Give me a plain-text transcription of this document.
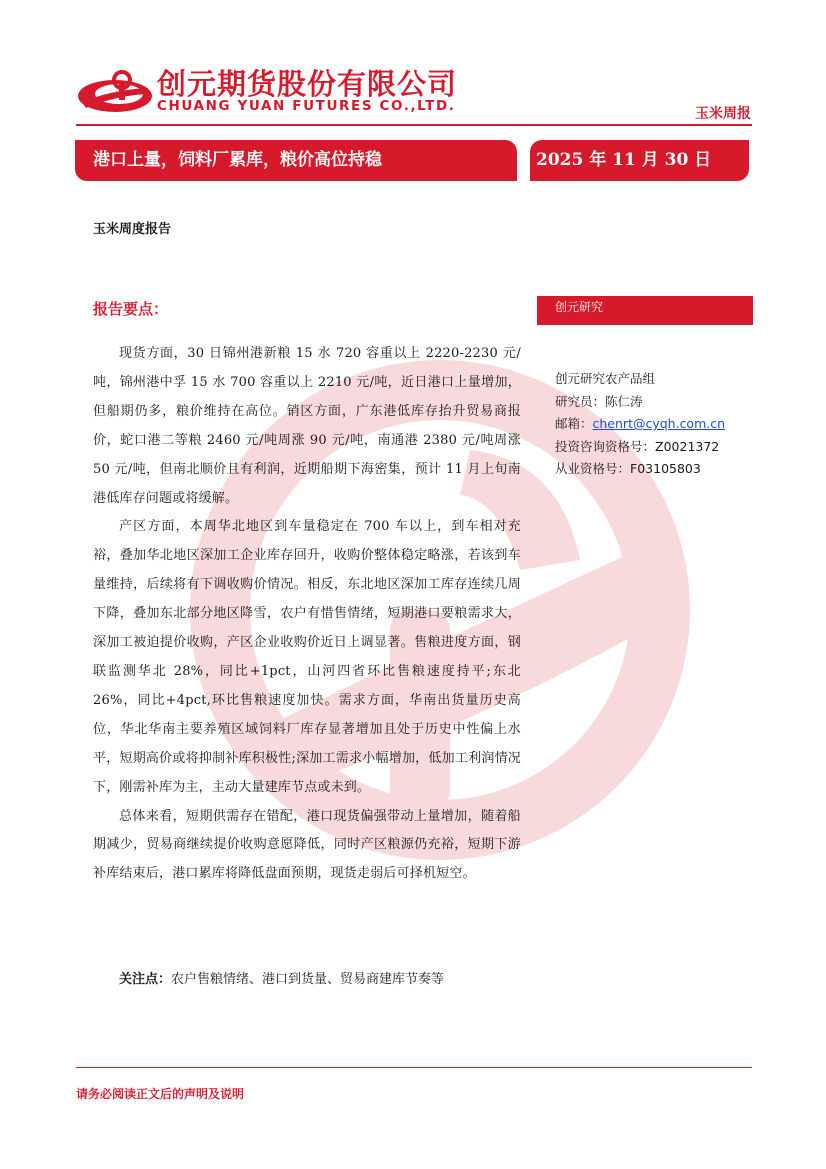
创元期货股份有限公司
CHUANG YUAN FUTURES CO.,LTD.	玉米周报
港口上量，饲料厂累库，粮价高位持稳	2025 年 11 月 30 日
玉米周度报告
报告要点：

现货方面，30 日锦州港新粮 15 水 720 容重以上 2220-2230 元/吨，锦州港中孚 15 水 700 容重以上 2210 元/吨，近日港口上量增加，但船期仍多，粮价维持在高位。销区方面，广东港低库存抬升贸易商报价，蛇口港二等粮 2460 元/吨周涨 90 元/吨，南通港 2380 元/吨周涨 50 元/吨，但南北顺价且有利润，近期船期下海密集，预计 11 月上旬南港低库存问题或将缓解。

产区方面，本周华北地区到车量稳定在 700 车以上，到车相对充裕，叠加华北地区深加工企业库存回升，收购价整体稳定略涨，若该到车量维持，后续将有下调收购价情况。相反，东北地区深加工库存连续几周下降，叠加东北部分地区降雪，农户有惜售情绪，短期港口要粮需求大，深加工被迫提价收购，产区企业收购价近日上调显著。售粮进度方面，钢联监测华北 28%，同比+1pct，山河四省环比售粮速度持平;东北 26%，同比+4pct,环比售粮速度加快。需求方面，华南出货量历史高位，华北华南主要养殖区域饲料厂库存显著增加且处于历史中性偏上水平，短期高价或将抑制补库积极性;深加工需求小幅增加，低加工利润情况下，刚需补库为主，主动大量建库节点或未到。

总体来看，短期供需存在错配，港口现货偏强带动上量增加，随着船期减少，贸易商继续提价收购意愿降低，同时产区粮源仍充裕，短期下游补库结束后，港口累库将降低盘面预期，现货走弱后可择机短空。

关注点：农户售粮情绪、港口到货量、贸易商建库节奏等
创元研究
创元研究农产品组
研究员：陈仁涛
邮箱：chenrt@cyqh.com.cn
投资咨询资格号：Z0021372
从业资格号：F03105803
请务必阅读正文后的声明及说明
